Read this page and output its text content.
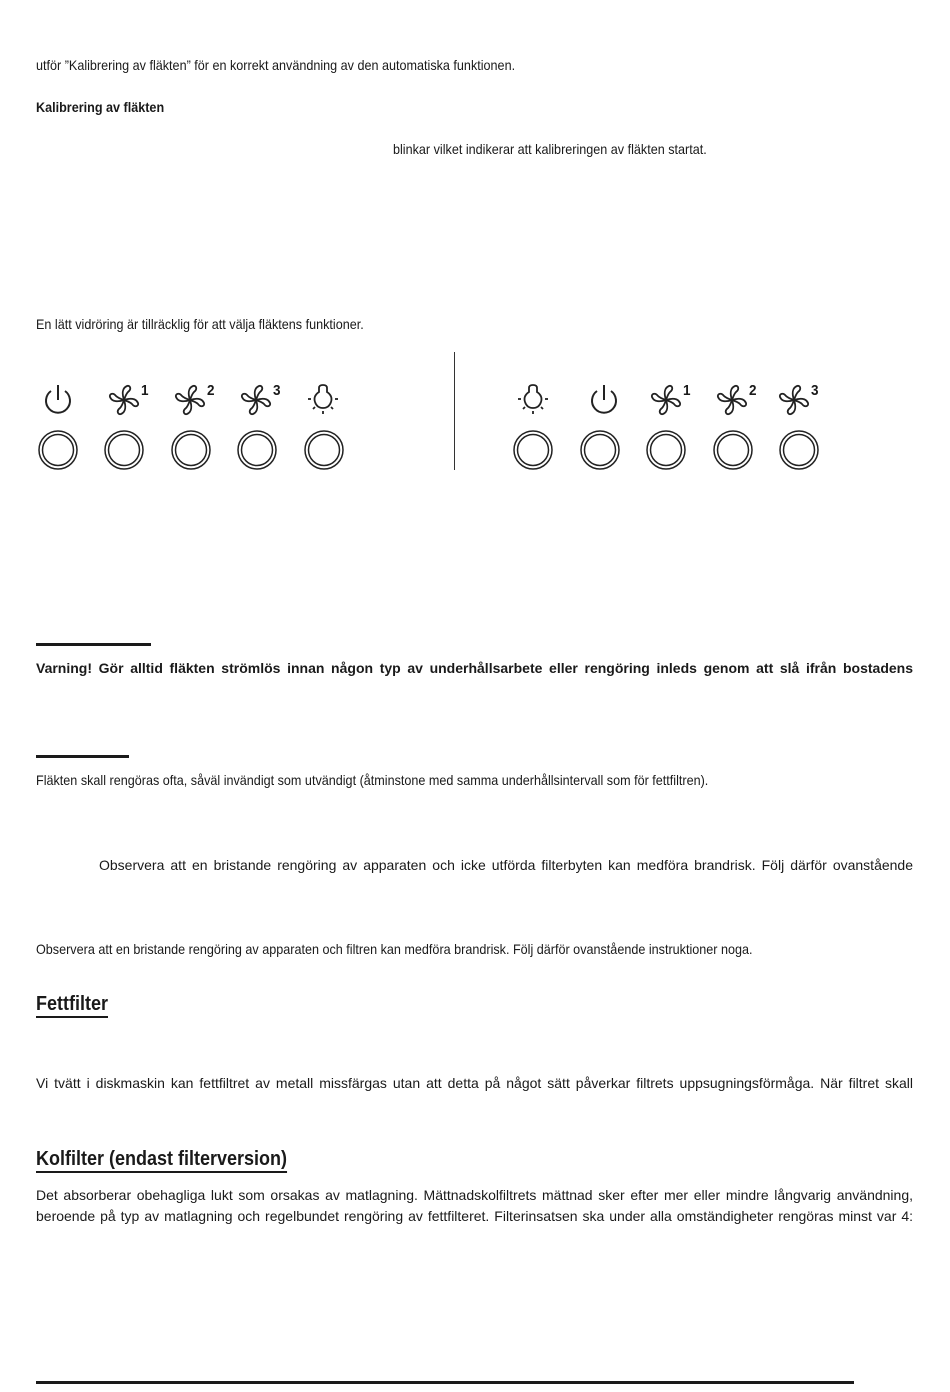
utför ”Kalibrering av fläkten” för en korrekt användning av den automatiska funktionen.
Kalibrering av fläkten
blinkar vilket indikerar att kalibreringen av fläkten startat.
En lätt vidröring är tillräcklig för att välja fläktens funktioner.
1	2	3	1	2	3
Varning! Gör alltid fläkten strömlös innan någon typ av underhållsarbete eller rengöring inleds genom att slå ifrån bostadens
Fläkten skall rengöras ofta, såväl invändigt som utvändigt (åtminstone med samma underhållsintervall som för fettfiltren).
Observera att en bristande rengöring av apparaten och icke utförda filterbyten kan medföra brandrisk. Följ därför ovanstående
Observera att en bristande rengöring av apparaten och filtren kan medföra brandrisk. Följ därför ovanstående instruktioner noga.
Fettfilter
Vi tvätt i diskmaskin kan fettfiltret av metall missfärgas utan att detta på något sätt påverkar filtrets uppsugningsförmåga. När filtret skall
Kolfilter (endast filterversion)
Det absorberar obehagliga lukt som orsakas av matlagning. Mättnadskolfiltrets mättnad sker efter mer eller mindre långvarig användning,
beroende på typ av matlagning och regelbundet rengöring av fettfilteret. Filterinsatsen ska under alla omständigheter rengöras minst var 4:
